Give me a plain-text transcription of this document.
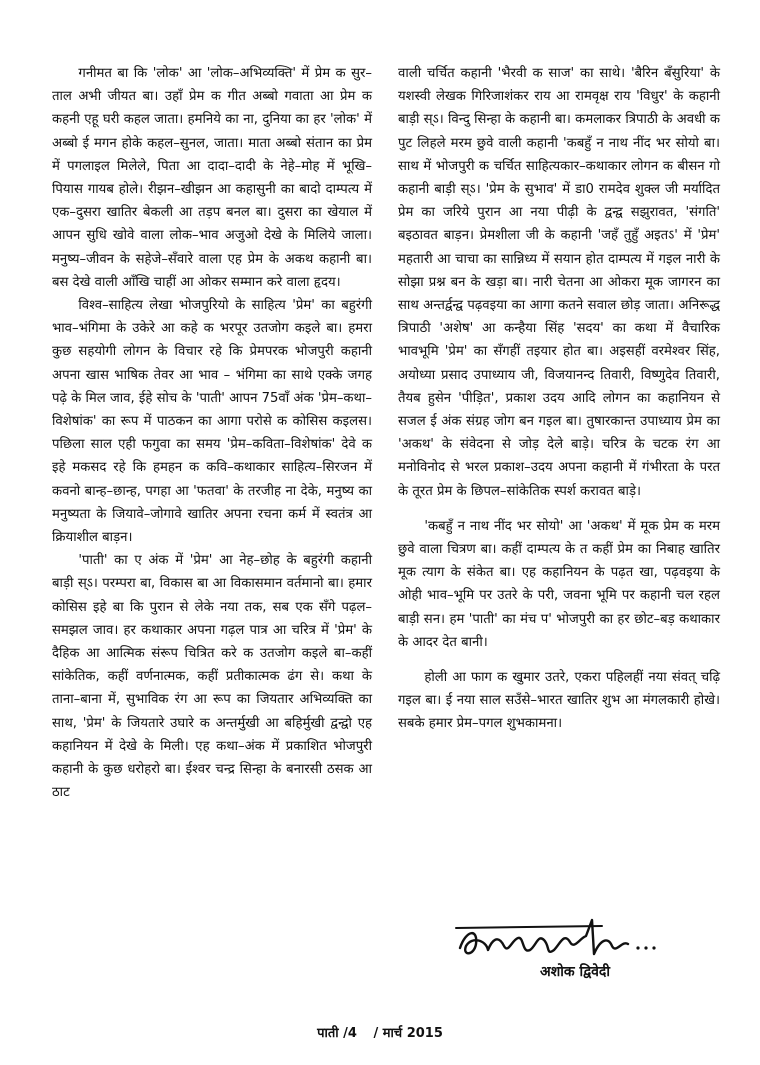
गनीमत बा कि 'लोक' आ 'लोक–अभिव्यक्ति' में प्रेम क सुर–ताल अभी जीयत बा। उहाँ प्रेम क गीत अब्बो गवाता आ प्रेम क कहनी एहू घरी कहल जाता। हमनिये का ना, दुनिया का हर 'लोक' में अब्बो ई मगन होके कहल–सुनल, जाता। माता अब्बो संतान का प्रेम में पगलाइल मिलेले, पिता आ दादा–दादी के नेहे–मोह में भूखि–पियास गायब होले। रीझन–खीझन आ कहासुनी का बादो दाम्पत्य में एक–दुसरा खातिर बेकली आ तड़प बनल बा। दुसरा का खेयाल में आपन सुधि खोवे वाला लोक–भाव अजुओ देखे के मिलिये जाला। मनुष्य–जीवन के सहेजे–सँवारे वाला एह प्रेम के अकथ कहानी बा। बस देखे वाली आँखि चाहीं आ ओकर सम्मान करे वाला हृदय।

विश्व–साहित्य लेखा भोजपुरियो के साहित्य 'प्रेम' का बहुरंगी भाव–भंगिमा के उकेरे आ कहे क भरपूर उतजोग कइले बा। हमरा कुछ सहयोगी लोगन के विचार रहे कि प्रेमपरक भोजपुरी कहानी अपना खास भाषिक तेवर आ भाव – भंगिमा का साथे एक्के जगह पढ़े के मिल जाव, ईहे सोच के 'पाती' आपन 75वाँ अंक 'प्रेम–कथा–विशेषांक' का रूप में पाठकन का आगा परोसे क कोसिस कइलस। पछिला साल एही फगुवा का समय 'प्रेम–कविता–विशेषांक' देवे क इहे मकसद रहे कि हमहन क कवि–कथाकार साहित्य–सिरजन में कवनो बान्ह–छान्ह, पगहा आ 'फतवा' के तरजीह ना देके, मनुष्य का मनुष्यता के जियावे–जोगावे खातिर अपना रचना कर्म में स्वतंत्र आ क्रियाशील बाड़न।

'पाती' का ए अंक में 'प्रेम' आ नेह–छोह के बहुरंगी कहानी बाड़ी स्ऽ। परम्परा बा, विकास बा आ विकासमान वर्तमानो बा। हमार कोसिस इहे बा कि पुरान से लेके नया तक, सब एक सँगे पढ़ल–समझल जाव। हर कथाकार अपना गढ़ल पात्र आ चरित्र में 'प्रेम' के दैहिक आ आत्मिक संरूप चित्रित करे क उतजोग कइले बा–कहीं सांकेतिक, कहीं वर्णनात्मक, कहीं प्रतीकात्मक ढंग से। कथा के ताना–बाना में, सुभाविक रंग आ रूप का जियतार अभिव्यक्ति का साथ, 'प्रेम' के जियतारे उघारे क अन्तर्मुखी आ बहिर्मुखी द्वन्द्वो एह कहानियन में देखे के मिली। एह कथा–अंक में प्रकाशित भोजपुरी कहानी के कुछ धरोहरो बा। ईश्वर चन्द्र सिन्हा के बनारसी ठसक आ ठाट

वाली चर्चित कहानी 'भैरवी क साज' का साथे। 'बैरिन बँसुरिया' के यशस्वी लेखक गिरिजाशंकर राय आ रामवृक्ष राय 'विधुर' के कहानी बाड़ी स्ऽ। विन्दु सिन्हा के कहानी बा। कमलाकर त्रिपाठी के अवधी क पुट लिहले मरम छुवे वाली कहानी 'कबहुँ न नाथ नींद भर सोयो बा। साथ में भोजपुरी क चर्चित साहित्यकार–कथाकार लोगन क बीसन गो कहानी बाड़ी स्ऽ। 'प्रेम के सुभाव' में डा0 रामदेव शुक्ल जी मर्यादित प्रेम का जरिये पुरान आ नया पीढ़ी के द्वन्द्व सझुरावत, 'संगति' बइठावत बाड़न। प्रेमशीला जी के कहानी 'जहँ तुहुँ अइतऽ' में 'प्रेम' महतारी आ चाचा का सान्निध्य में सयान होत दाम्पत्य में गइल नारी के सोझा प्रश्न बन के खड़ा बा। नारी चेतना आ ओकरा मूक जागरन का साथ अन्तर्द्वन्द्व पढ़वइया का आगा कतने सवाल छोड़ जाता। अनिरूद्ध त्रिपाठी 'अशेष' आ कन्हैया सिंह 'सदय' का कथा में वैचारिक भावभूमि 'प्रेम' का सँगहीं तइयार होत बा। अइसहीं वरमेश्वर सिंह, अयोध्या प्रसाद उपाध्याय जी, विजयानन्द तिवारी, विष्णुदेव तिवारी, तैयब हुसेन 'पीड़ित', प्रकाश उदय आदि लोगन का कहानियन से सजल ई अंक संग्रह जोग बन गइल बा। तुषारकान्त उपाध्याय प्रेम का 'अकथ' के संवेदना से जोड़ देले बाड़े। चरित्र के चटक रंग आ मनोविनोद से भरल प्रकाश–उदय अपना कहानी में गंभीरता के परत के तूरत प्रेम के छिपल–सांकेतिक स्पर्श करावत बाड़े।

'कबहुँ न नाथ नींद भर सोयो' आ 'अकथ' में मूक प्रेम क मरम छुवे वाला चित्रण बा। कहीं दाम्पत्य के त कहीं प्रेम का निबाह खातिर मूक त्याग के संकेत बा। एह कहानियन के पढ़त खा, पढ़वइया के ओही भाव–भूमि पर उतरे के परी, जवना भूमि पर कहानी चल रहल बाड़ी सन। हम 'पाती' का मंच प' भोजपुरी का हर छोट–बड़ कथाकार के आदर देत बानी।

होली आ फाग क खुमार उतरे, एकरा पहिलहीं नया संवत् चढ़ि गइल बा। ई नया साल सउँसे–भारत खातिर शुभ आ मंगलकारी होखे। सबके हमार प्रेम–पगल शुभकामना।

अशोक द्विवेदी
पाती /4 / मार्च 2015
